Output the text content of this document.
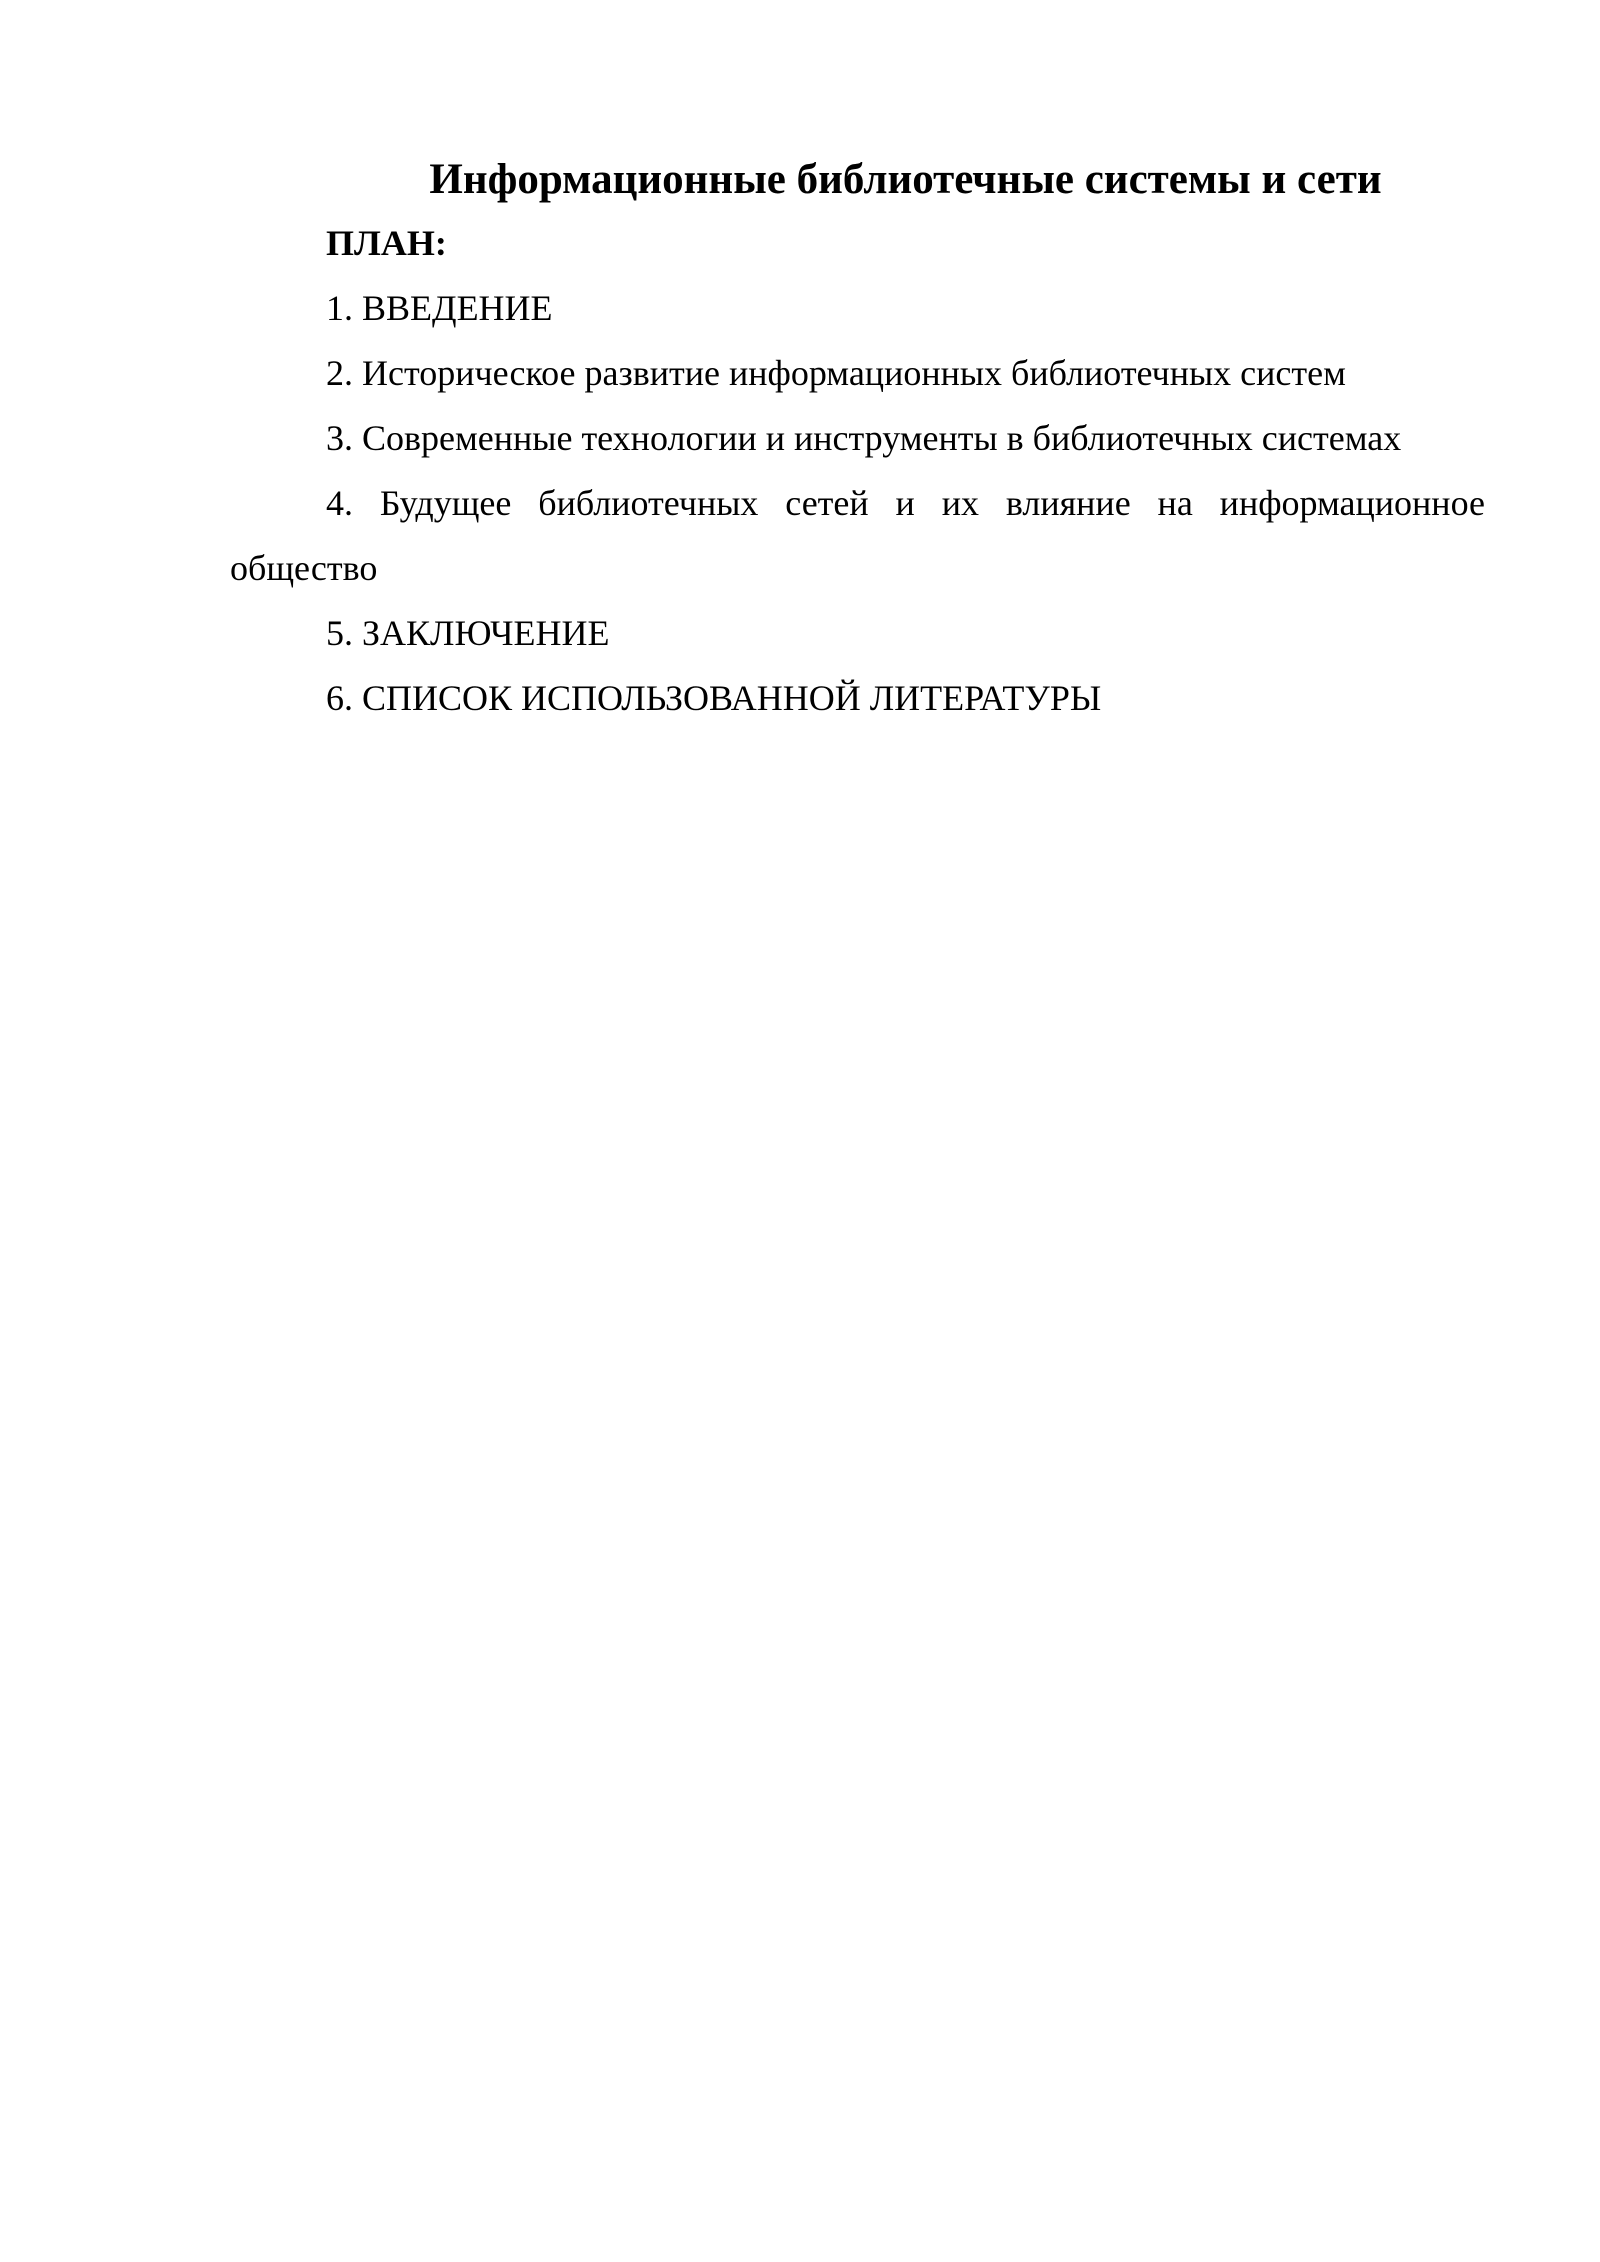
Информационные библиотечные системы и сети
ПЛАН:
1. ВВЕДЕНИЕ
2. Историческое развитие информационных библиотечных систем
3. Современные технологии и инструменты в библиотечных системах
4. Будущее библиотечных сетей и их влияние на информационное общество
5. ЗАКЛЮЧЕНИЕ
6. СПИСОК ИСПОЛЬЗОВАННОЙ ЛИТЕРАТУРЫ
